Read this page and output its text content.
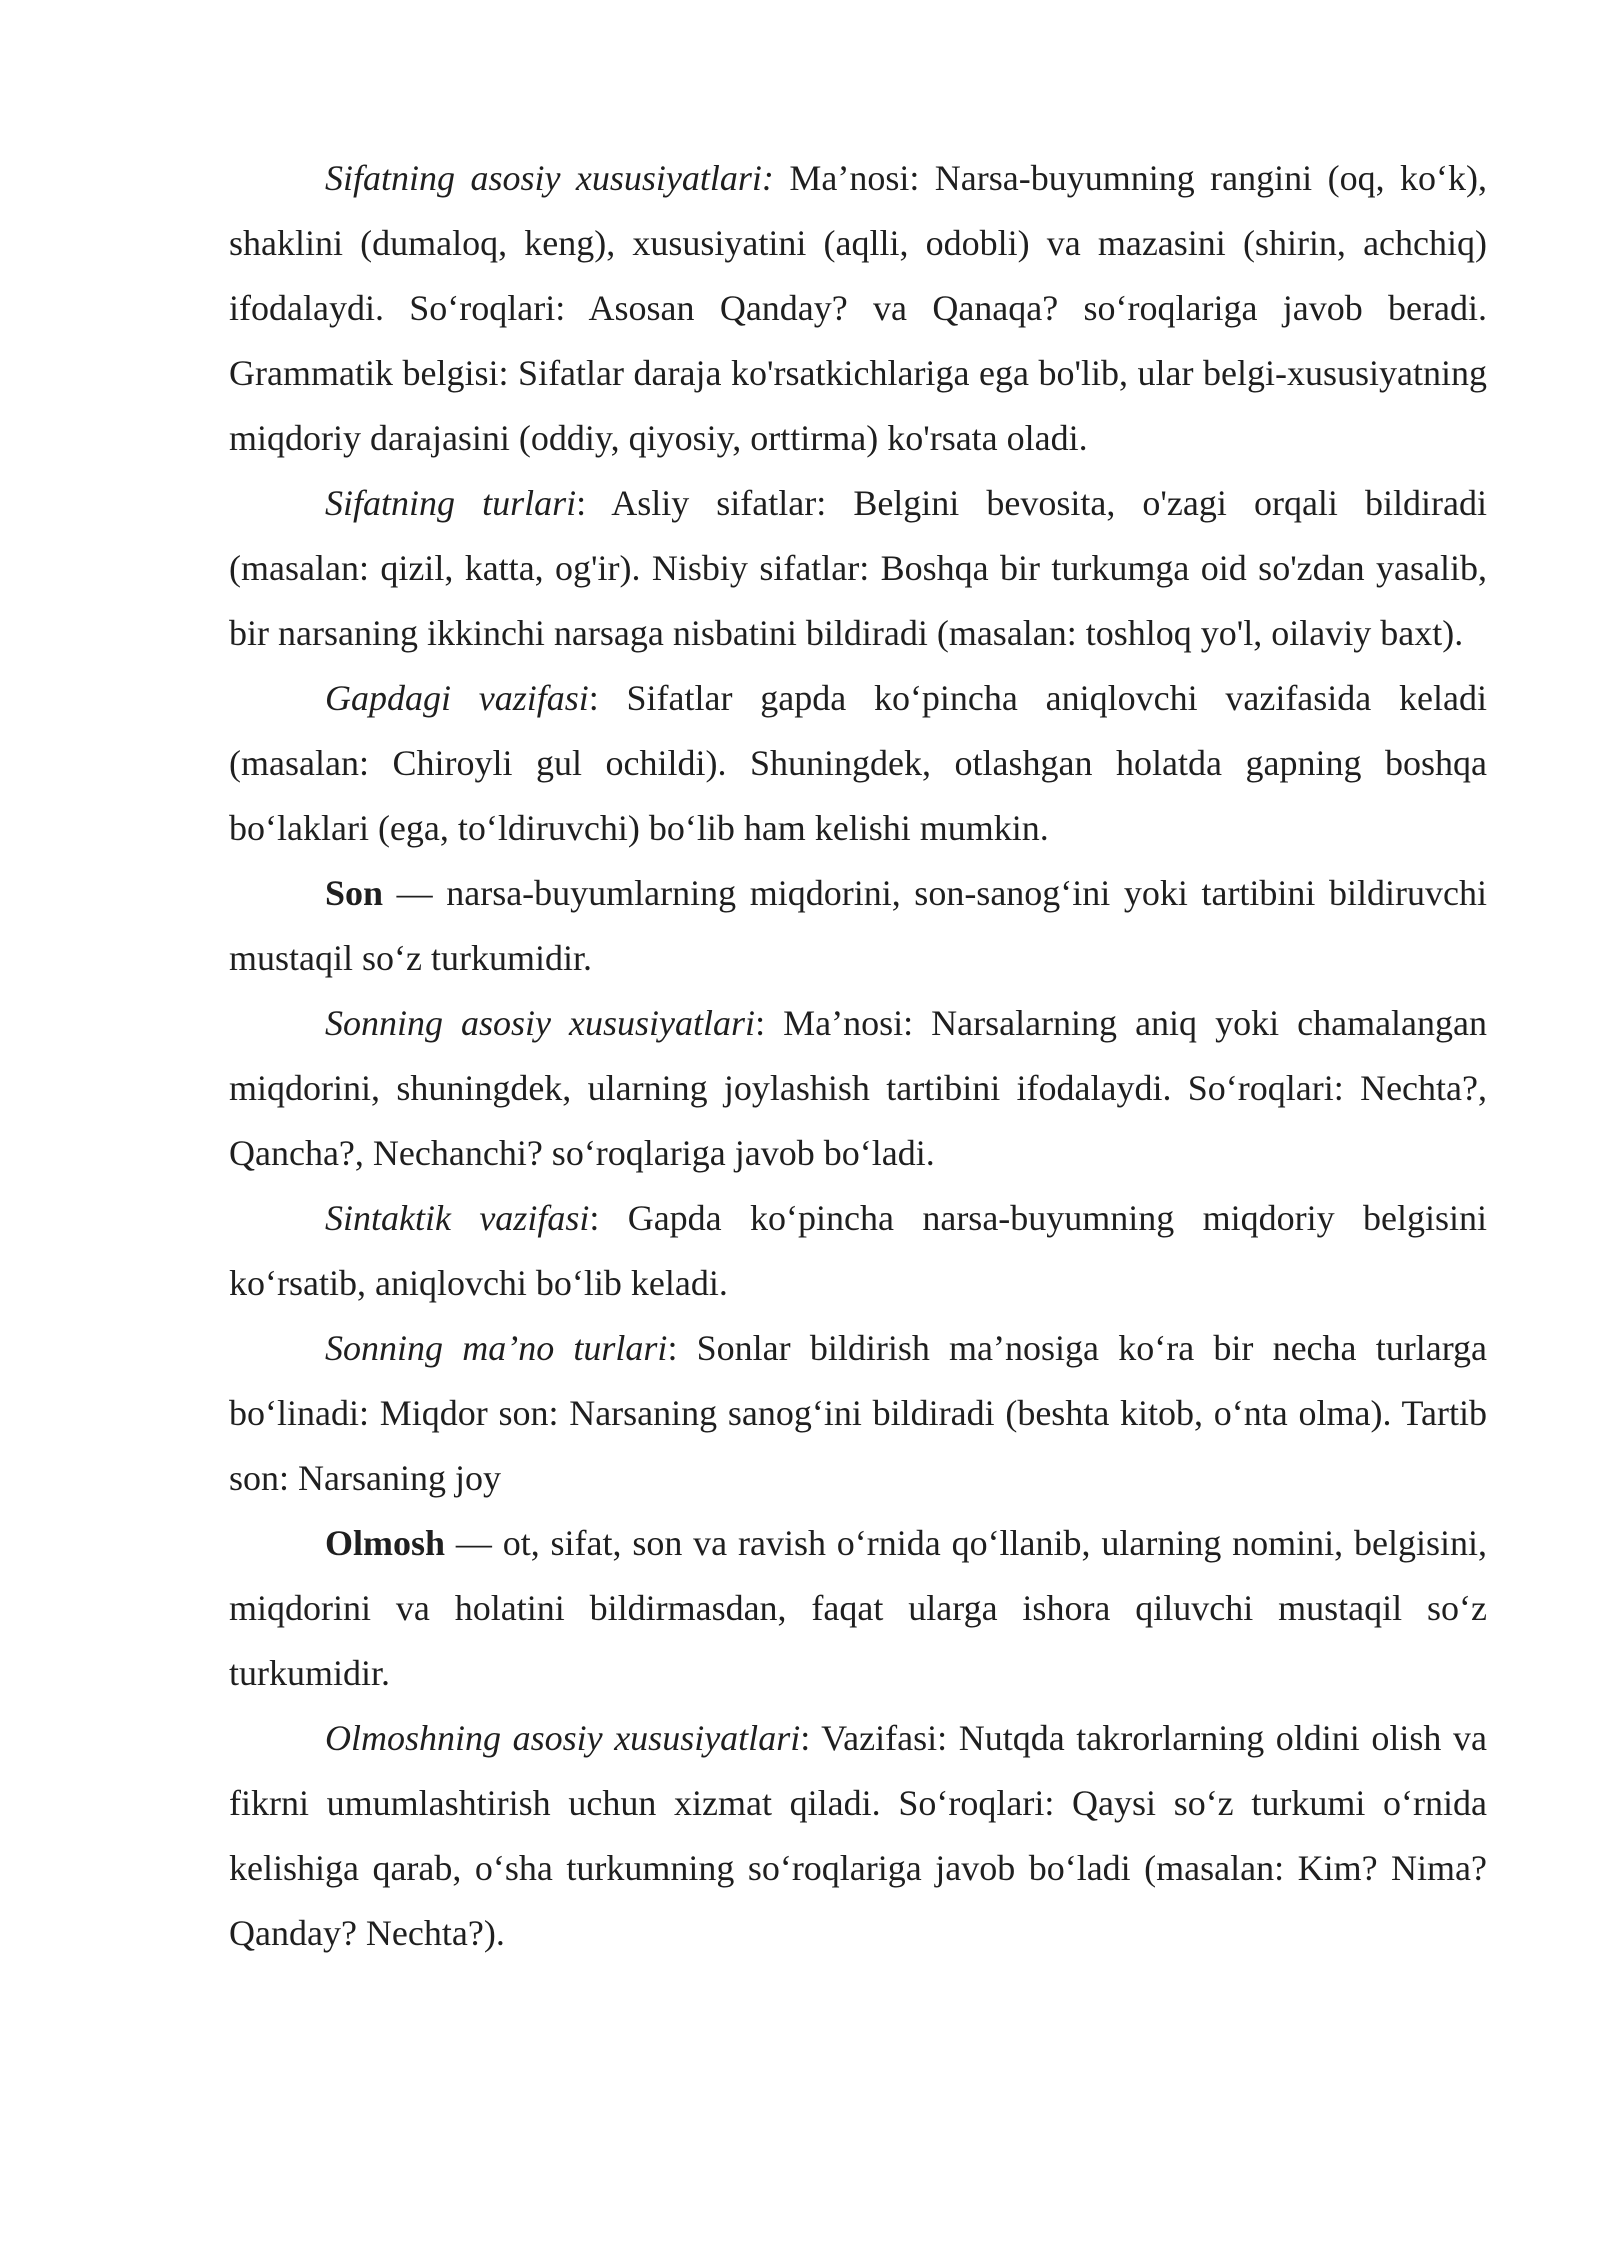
Sifatning asosiy xususiyatlari: Ma’nosi: Narsa-buyumning rangini (oq, ko‘k), shaklini (dumaloq, keng), xususiyatini (aqlli, odobli) va mazasini (shirin, achchiq) ifodalaydi. So‘roqlari: Asosan Qanday? va Qanaqa? so‘roqlariga javob beradi. Grammatik belgisi: Sifatlar daraja ko'rsatkichlariga ega bo'lib, ular belgi-xususiyatning miqdoriy darajasini (oddiy, qiyosiy, orttirma) ko'rsata oladi.

Sifatning turlari: Asliy sifatlar: Belgini bevosita, o'zagi orqali bildiradi (masalan: qizil, katta, og'ir). Nisbiy sifatlar: Boshqa bir turkumga oid so'zdan yasalib, bir narsaning ikkinchi narsaga nisbatini bildiradi (masalan: toshloq yo'l, oilaviy baxt).

Gapdagi vazifasi: Sifatlar gapda ko‘pincha aniqlovchi vazifasida keladi (masalan: Chiroyli gul ochildi). Shuningdek, otlashgan holatda gapning boshqa bo‘laklari (ega, to‘ldiruvchi) bo‘lib ham kelishi mumkin.

Son — narsa-buyumlarning miqdorini, son-sanog‘ini yoki tartibini bildiruvchi mustaqil so‘z turkumidir.

Sonning asosiy xususiyatlari: Ma’nosi: Narsalarning aniq yoki chamalangan miqdorini, shuningdek, ularning joylashish tartibini ifodalaydi. So‘roqlari: Nechta?, Qancha?, Nechanchi? so‘roqlariga javob bo‘ladi.

Sintaktik vazifasi: Gapda ko‘pincha narsa-buyumning miqdoriy belgisini ko‘rsatib, aniqlovchi bo‘lib keladi.

Sonning ma’no turlari: Sonlar bildirish ma’nosiga ko‘ra bir necha turlarga bo‘linadi: Miqdor son: Narsaning sanog‘ini bildiradi (beshta kitob, o‘nta olma). Tartib son: Narsaning joy

Olmosh — ot, sifat, son va ravish o‘rnida qo‘llanib, ularning nomini, belgisini, miqdorini va holatini bildirmasdan, faqat ularga ishora qiluvchi mustaqil so‘z turkumidir.

Olmoshning asosiy xususiyatlari: Vazifasi: Nutqda takrorlarning oldini olish va fikrni umumlashtirish uchun xizmat qiladi. So‘roqlari: Qaysi so‘z turkumi o‘rnida kelishiga qarab, o‘sha turkumning so‘roqlariga javob bo‘ladi (masalan: Kim? Nima? Qanday? Nechta?).
